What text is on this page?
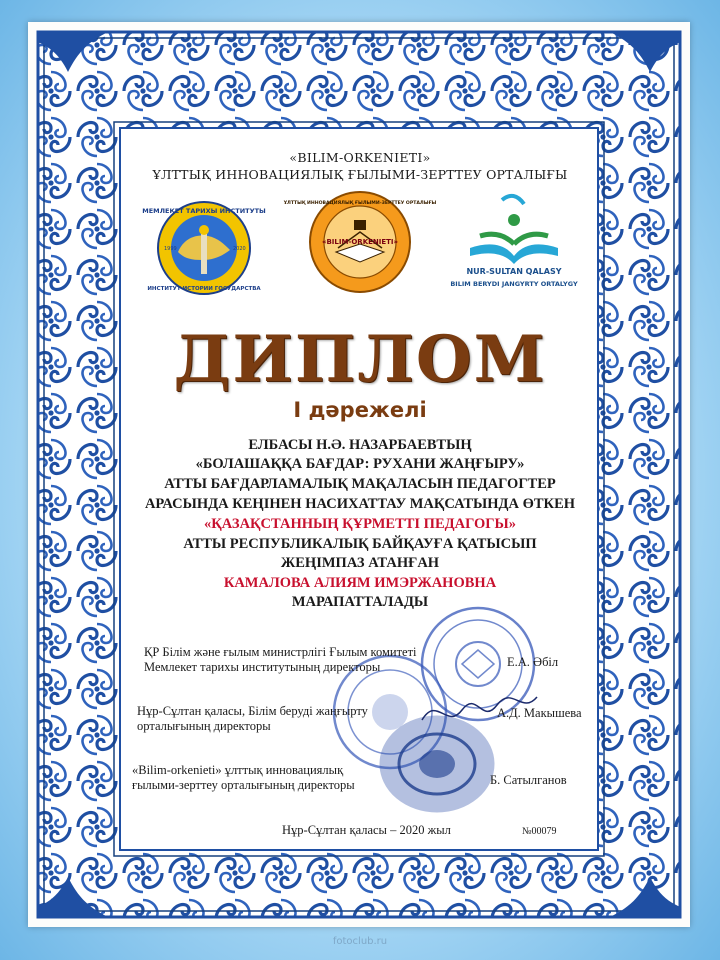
«BILIM-ORKENIETI»
ҰЛТТЫҚ ИННОВАЦИЯЛЫҚ ҒЫЛЫМИ-ЗЕРТТЕУ ОРТАЛЫҒЫ
МЕМЛЕКЕТ ТАРИХЫ ИНСТИТУТЫ
ИНСТИТУТ ИСТОРИИ ГОСУДАРСТВА
1999	2020
«BILIM-ORKENIETI»
ҰЛТТЫҚ ИННОВАЦИЯЛЫҚ ҒЫЛЫМИ-ЗЕРТТЕУ ОРТАЛЫҒЫ
NUR-SULTAN QALASY
BILIM BERYDI JANGYRTY ORTALYGY
ДИПЛОМ
I дәрежелі
ЕЛБАСЫ Н.Ә. НАЗАРБАЕВТЫҢ
«БОЛАШАҚҚА БАҒДАР: РУХАНИ ЖАҢҒЫРУ»
АТТЫ БАҒДАРЛАМАЛЫҚ МАҚАЛАСЫН ПЕДАГОГТЕР
АРАСЫНДА КЕҢІНЕН НАСИХАТТАУ МАҚСАТЫНДА ӨТКЕН
«ҚАЗАҚСТАННЫҢ ҚҰРМЕТТІ ПЕДАГОГЫ»
АТТЫ РЕСПУБЛИКАЛЫҚ БАЙҚАУҒА ҚАТЫСЫП
ЖЕҢІМПАЗ АТАНҒАН
КАМАЛОВА АЛИЯМ ИМЭРЖАНОВНА
МАРАПАТТАЛАДЫ
ҚР Білім және ғылым министрлігі Ғылым комитеті
Мемлекет тарихы институтының директоры	Е.А. Әбіл
Нұр-Сұлтан қаласы, Білім беруді жаңғырту
орталығының директоры
А.Д. Макышева
«Bilim-orkenieti» ұлттық инновациялық
ғылыми-зерттеу орталығының директоры	Б. Сатылганов
Нұр-Сұлтан қаласы – 2020 жыл	№00079
fotoclub.ru
